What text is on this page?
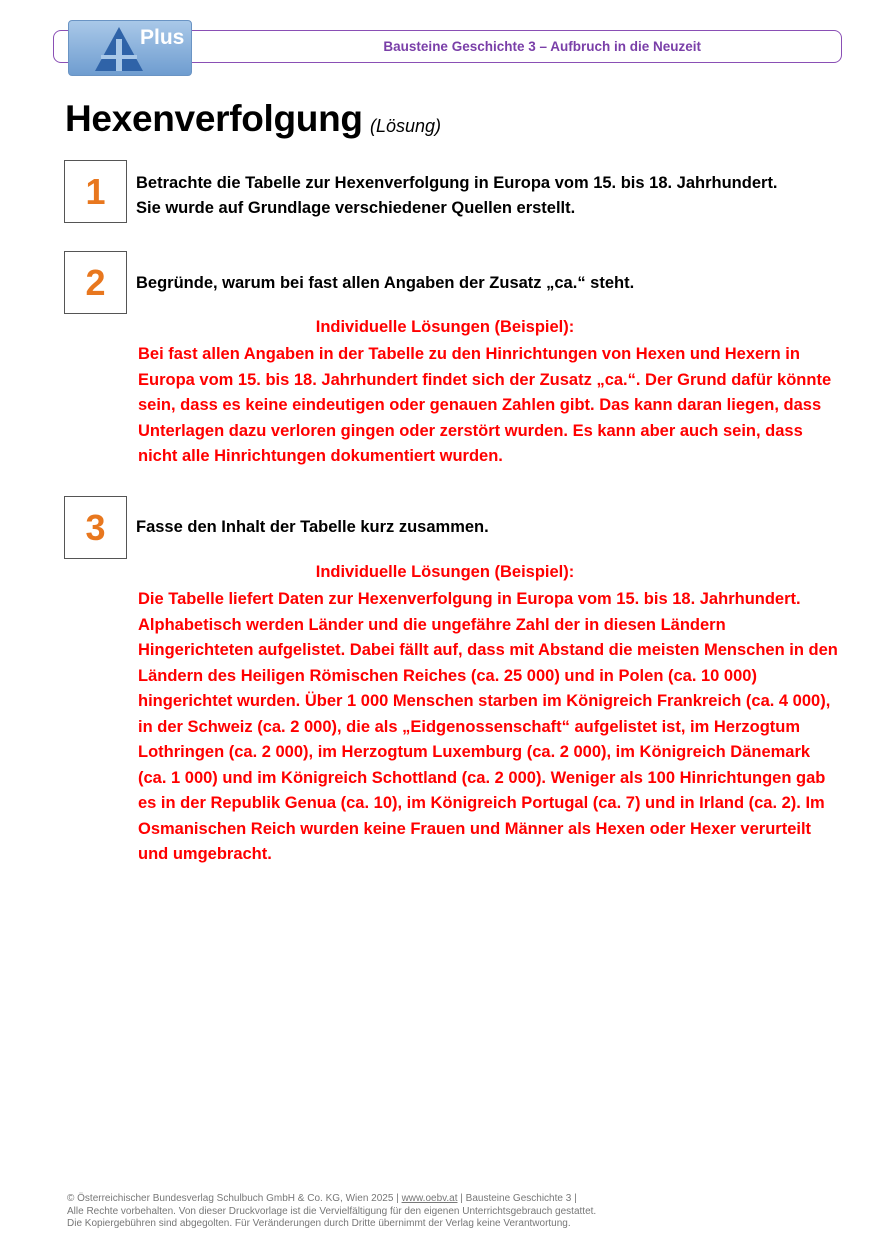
Bausteine Geschichte 3 – Aufbruch in die Neuzeit
Plus
Hexenverfolgung (Lösung)
1	Betrachte die Tabelle zur Hexenverfolgung in Europa vom 15. bis 18. Jahrhundert.
Sie wurde auf Grundlage verschiedener Quellen erstellt.
2	Begründe, warum bei fast allen Angaben der Zusatz „ca.“ steht.
Individuelle Lösungen (Beispiel):
Bei fast allen Angaben in der Tabelle zu den Hinrichtungen von Hexen und Hexern in Europa vom 15. bis 18. Jahrhundert findet sich der Zusatz „ca.“. Der Grund dafür könnte sein, dass es keine eindeutigen oder genauen Zahlen gibt. Das kann daran liegen, dass Unterlagen dazu verloren gingen oder zerstört wurden. Es kann aber auch sein, dass nicht alle Hinrichtungen dokumentiert wurden.
3	Fasse den Inhalt der Tabelle kurz zusammen.
Individuelle Lösungen (Beispiel):
Die Tabelle liefert Daten zur Hexenverfolgung in Europa vom 15. bis 18. Jahrhundert. Alphabetisch werden Länder und die ungefähre Zahl der in diesen Ländern Hingerichteten aufgelistet. Dabei fällt auf, dass mit Abstand die meisten Menschen in den Ländern des Heiligen Römischen Reiches (ca. 25 000) und in Polen (ca. 10 000) hingerichtet wurden. Über 1 000 Menschen starben im Königreich Frankreich (ca. 4 000), in der Schweiz (ca. 2 000), die als „Eidgenossenschaft“ aufgelistet ist, im Herzogtum Lothringen (ca. 2 000), im Herzogtum Luxemburg (ca. 2 000), im Königreich Dänemark (ca. 1 000) und im Königreich Schottland (ca. 2 000). Weniger als 100 Hinrichtungen gab es in der Republik Genua (ca. 10), im Königreich Portugal (ca. 7) und in Irland (ca. 2). Im Osmanischen Reich wurden keine Frauen und Männer als Hexen oder Hexer verurteilt und umgebracht.
© Österreichischer Bundesverlag Schulbuch GmbH & Co. KG, Wien 2025 | www.oebv.at | Bausteine Geschichte 3 |
Alle Rechte vorbehalten. Von dieser Druckvorlage ist die Vervielfältigung für den eigenen Unterrichtsgebrauch gestattet.
Die Kopiergebühren sind abgegolten. Für Veränderungen durch Dritte übernimmt der Verlag keine Verantwortung.
